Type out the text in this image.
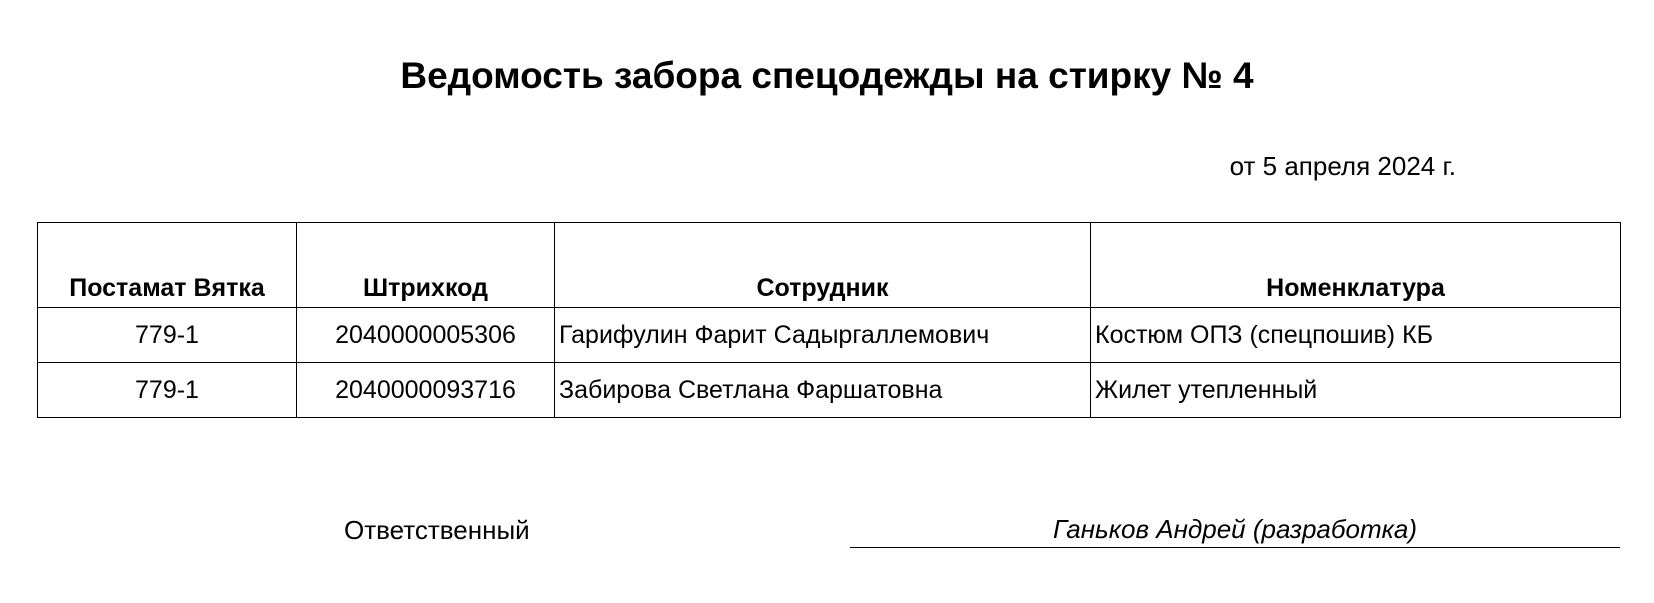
Ведомость забора спецодежды на стирку № 4
от 5 апреля 2024 г.
Постамат Вятка	Штрихкод	Сотрудник	Номенклатура
779-1	2040000005306	Гарифулин Фарит Садыргаллемович	Костюм ОПЗ (спецпошив) КБ
779-1	2040000093716	Забирова Светлана Фаршатовна	Жилет утепленный
Ответственный	Ганьков Андрей (разработка)
